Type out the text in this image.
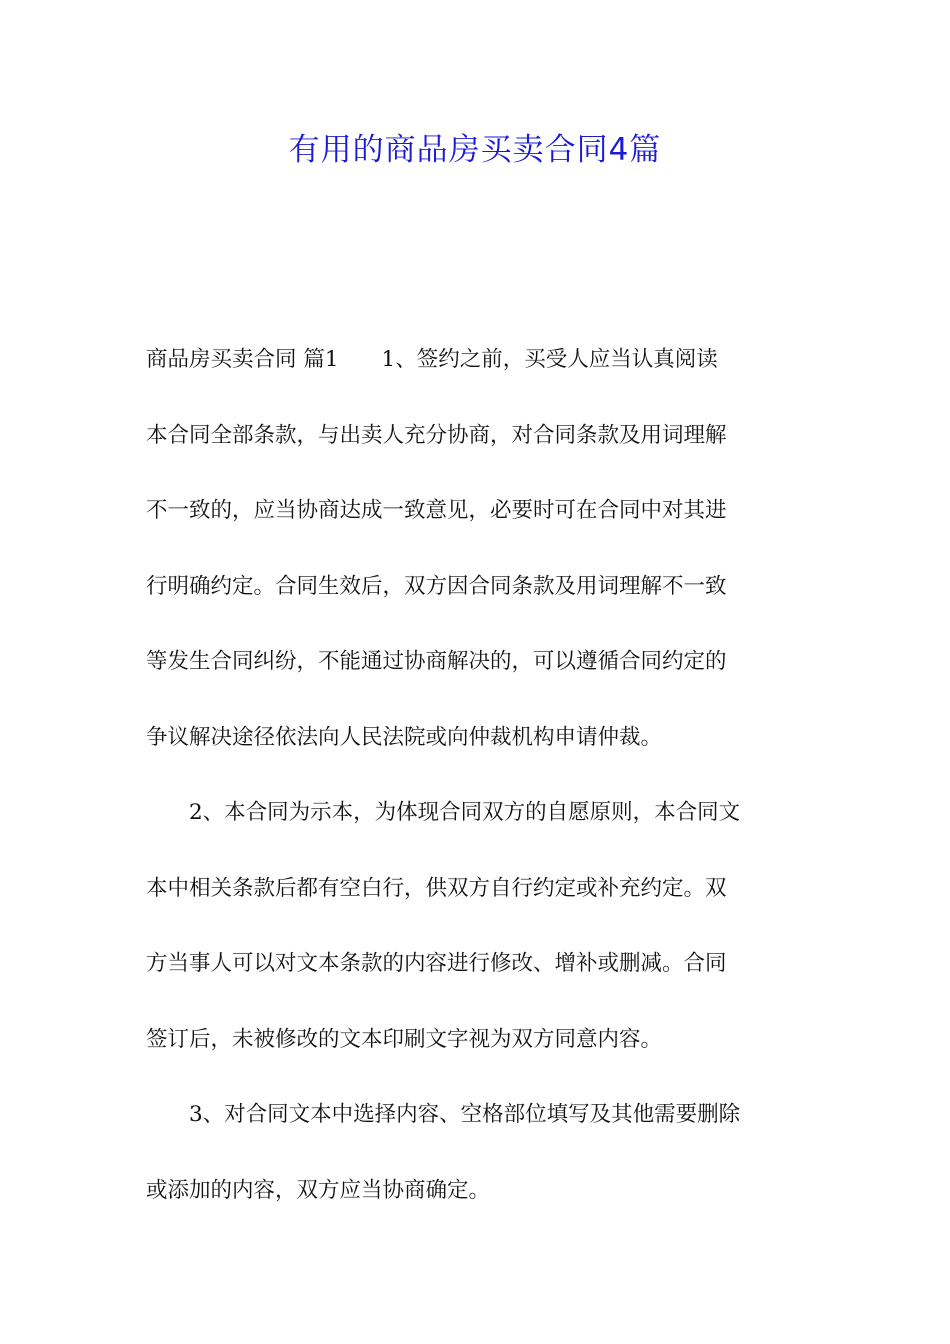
有用的商品房买卖合同4篇
商品房买卖合同 篇1　　1、签约之前，买受人应当认真阅读
本合同全部条款，与出卖人充分协商，对合同条款及用词理解
不一致的，应当协商达成一致意见，必要时可在合同中对其进
行明确约定。合同生效后，双方因合同条款及用词理解不一致
等发生合同纠纷，不能通过协商解决的，可以遵循合同约定的
争议解决途径依法向人民法院或向仲裁机构申请仲裁。
2、本合同为示本，为体现合同双方的自愿原则，本合同文
本中相关条款后都有空白行，供双方自行约定或补充约定。双
方当事人可以对文本条款的内容进行修改、增补或删减。合同
签订后，未被修改的文本印刷文字视为双方同意内容。
3、对合同文本中选择内容、空格部位填写及其他需要删除
或添加的内容，双方应当协商确定。
